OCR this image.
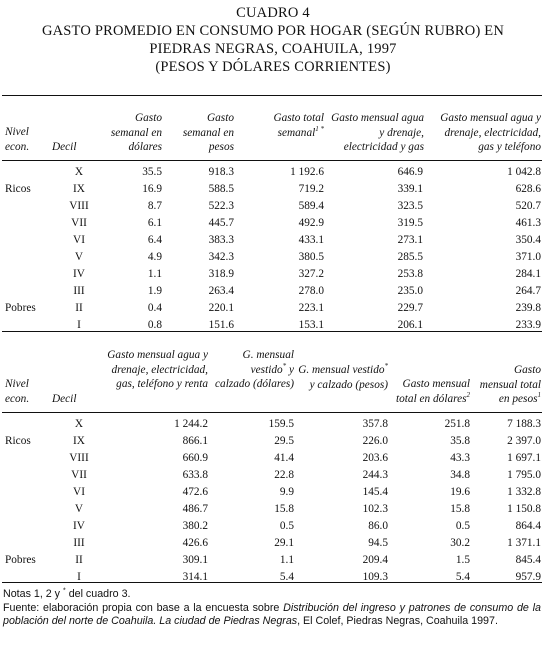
CUADRO 4
GASTO PROMEDIO EN CONSUMO POR HOGAR (SEGÚN RUBRO) EN
PIEDRAS NEGRAS, COAHUILA, 1997
(PESOS Y DÓLARES CORRIENTES)
Nivel econ.	Decil
Gasto semanal en dólares
Gasto semanal en pesos
Gasto total semanal$^{1 *}$
Gasto mensual agua y drenaje, electricidad y gas
Gasto mensual agua y drenaje, electricidad, gas y teléfono
X	35.5	918.3	1 192.6	646.9	1 042.8
Ricos	IX	16.9	588.5	719.2	339.1	628.6
VIII	8.7	522.3	589.4	323.5	520.7
VII	6.1	445.7	492.9	319.5	461.3
VI	6.4	383.3	433.1	273.1	350.4
V	4.9	342.3	380.5	285.5	371.0
IV	1.1	318.9	327.2	253.8	284.1
III	1.9	263.4	278.0	235.0	264.7
Pobres	II	0.4	220.1	223.1	229.7	239.8
I	0.8	151.6	153.1	206.1	233.9
Nivel econ.	Decil
Gasto mensual agua y drenaje, electricidad, gas, teléfono y renta
G. mensual vestido* y calzado (dólares)
G. mensual vestido* y calzado (pesos)	Gasto mensual total en dólares$^2$
Gasto mensual total en pesos$^1$
X	1 244.2	159.5	357.8	251.8	7 188.3
Ricos	IX	866.1	29.5	226.0	35.8	2 397.0
VIII	660.9	41.4	203.6	43.3	1 697.1
VII	633.8	22.8	244.3	34.8	1 795.0
VI	472.6	9.9	145.4	19.6	1 332.8
V	486.7	15.8	102.3	15.8	1 150.8
IV	380.2	0.5	86.0	0.5	864.4
III	426.6	29.1	94.5	30.2	1 371.1
Pobres	II	309.1	1.1	209.4	1.5	845.4
I	314.1	5.4	109.3	5.4	957.9
Notas 1, 2 y * del cuadro 3.
Fuente: elaboración propia con base a la encuesta sobre Distribución del ingreso y patrones de consumo de la población del norte de Coahuila. La ciudad de Piedras Negras, El Colef, Piedras Negras, Coahuila 1997.
